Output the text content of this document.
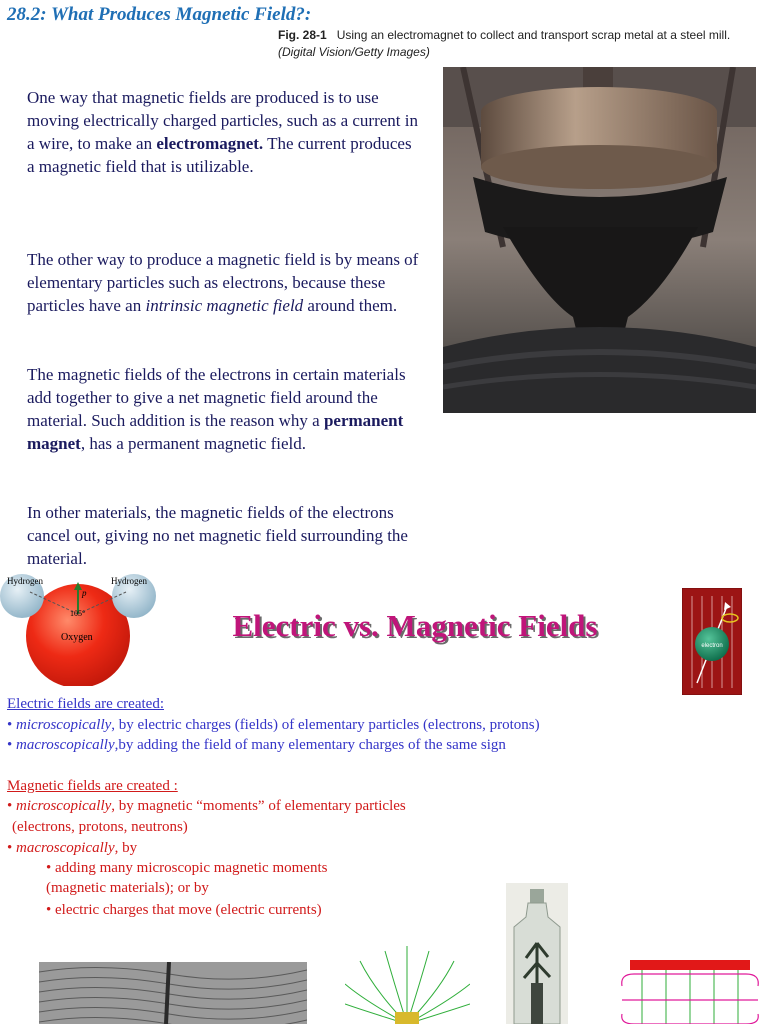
28.2: What Produces Magnetic Field?:
Fig. 28-1 Using an electromagnet to collect and transport scrap metal at a steel mill.
(Digital Vision/Getty Images)
One way that magnetic fields are produced is to use moving electrically charged particles, such as a current in a wire, to make an electromagnet. The current produces a magnetic field that is utilizable.
The other way to produce a magnetic field is by means of elementary particles such as electrons, because these particles have an intrinsic magnetic field around them.
The magnetic fields of the electrons in certain materials add together to give a net magnetic field around the material. Such addition is the reason why a permanent magnet, has a permanent magnetic field.
In other materials, the magnetic fields of the electrons cancel out, giving no net magnetic field surrounding the material.
Hydrogen	Hydrogen
p
105°
Oxygen	Electric vs. Magnetic Fields
electron
Electric fields are created:
• microscopically, by electric charges (fields) of elementary particles (electrons, protons)
• macroscopically,by adding the field of many elementary charges of the same sign
Magnetic fields are created :
• microscopically, by magnetic “moments” of elementary particles
(electrons, protons, neutrons)
• macroscopically, by
• adding many microscopic magnetic moments
(magnetic materials); or by
• electric charges that move (electric currents)
